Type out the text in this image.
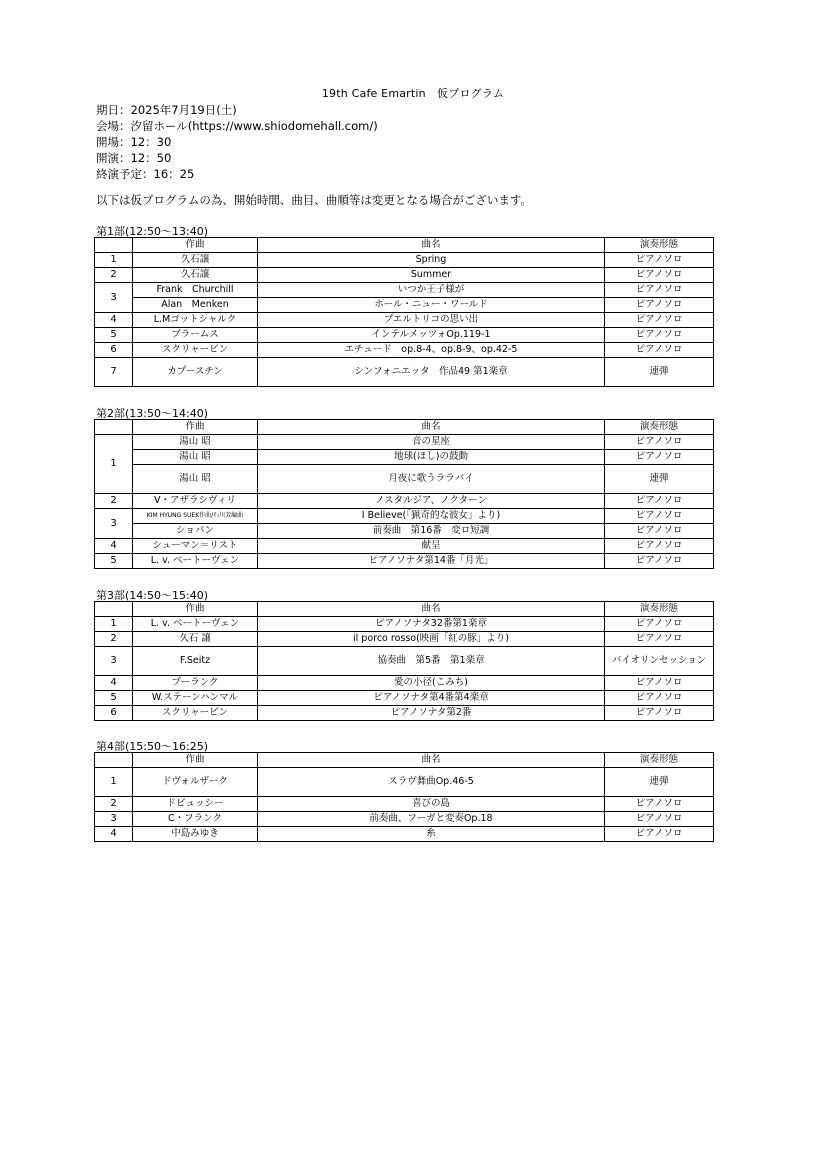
19th Cafe Emartin　仮プログラム
期日：2025年7月19日(土)
会場：汐留ホール(https://www.shiodomehall.com/)
開場：12：30
開演：12：50
終演予定：16：25
以下は仮プログラムの為、開始時間、曲目、曲順等は変更となる場合がございます。
第1部(12:50～13:40)
	作曲	曲名	演奏形態
1	久石譲	Spring	ピアノソロ
2	久石譲	Summer	ピアノソロ
3	Frank　Churchill	いつか王子様が	ピアノソロ
	Alan　Menken	ホール・ニュー・ワールド	ピアノソロ
4	L.Mゴットシャルク	プエルトリコの思い出	ピアノソロ
5	ブラームス	インテルメッツォOp.119-1	ピアノソロ
6	スクリャービン	エチュード　op.8-4、op.8-9、op.42-5	ピアノソロ
7	カプースチン	シンフォニエッタ　作品49 第1楽章	連弾
第2部(13:50～14:40)
	作曲	曲名	演奏形態
1	湯山 昭	音の星座	ピアノソロ
	湯山 昭	地球(ほし)の鼓動	ピアノソロ
	湯山 昭	月夜に歌うララバイ	連弾
2	V・アザラシヴィリ	ノスタルジア、ノクターン	ピアノソロ
3	KIM HYUNG SUEK作曲/石川芳編曲	I Believe(「猟奇的な彼女」より)	ピアノソロ
	ショパン	前奏曲　第16番　変ロ短調	ピアノソロ
4	シューマン＝リスト	献呈	ピアノソロ
5	L. v. ベートーヴェン	ピアノソナタ第14番「月光」	ピアノソロ
第3部(14:50～15:40)
	作曲	曲名	演奏形態
1	L. v. ベートーヴェン	ピアノソナタ32番第1楽章	ピアノソロ
2	久石 譲	il porco rosso(映画「紅の豚」より)	ピアノソロ
3	F.Seitz	協奏曲　第5番　第1楽章	バイオリンセッション
4	プーランク	愛の小径(こみち)	ピアノソロ
5	W.ステーンハンマル	ピアノソナタ第4番第4楽章	ピアノソロ
6	スクリャービン	ピアノソナタ第2番	ピアノソロ
第4部(15:50～16:25)
	作曲	曲名	演奏形態
1	ドヴォルザーク	スラヴ舞曲Op.46-5	連弾
2	ドビュッシー	喜びの島	ピアノソロ
3	C・フランク	前奏曲、フーガと変奏Op.18	ピアノソロ
4	中島みゆき	糸	ピアノソロ
